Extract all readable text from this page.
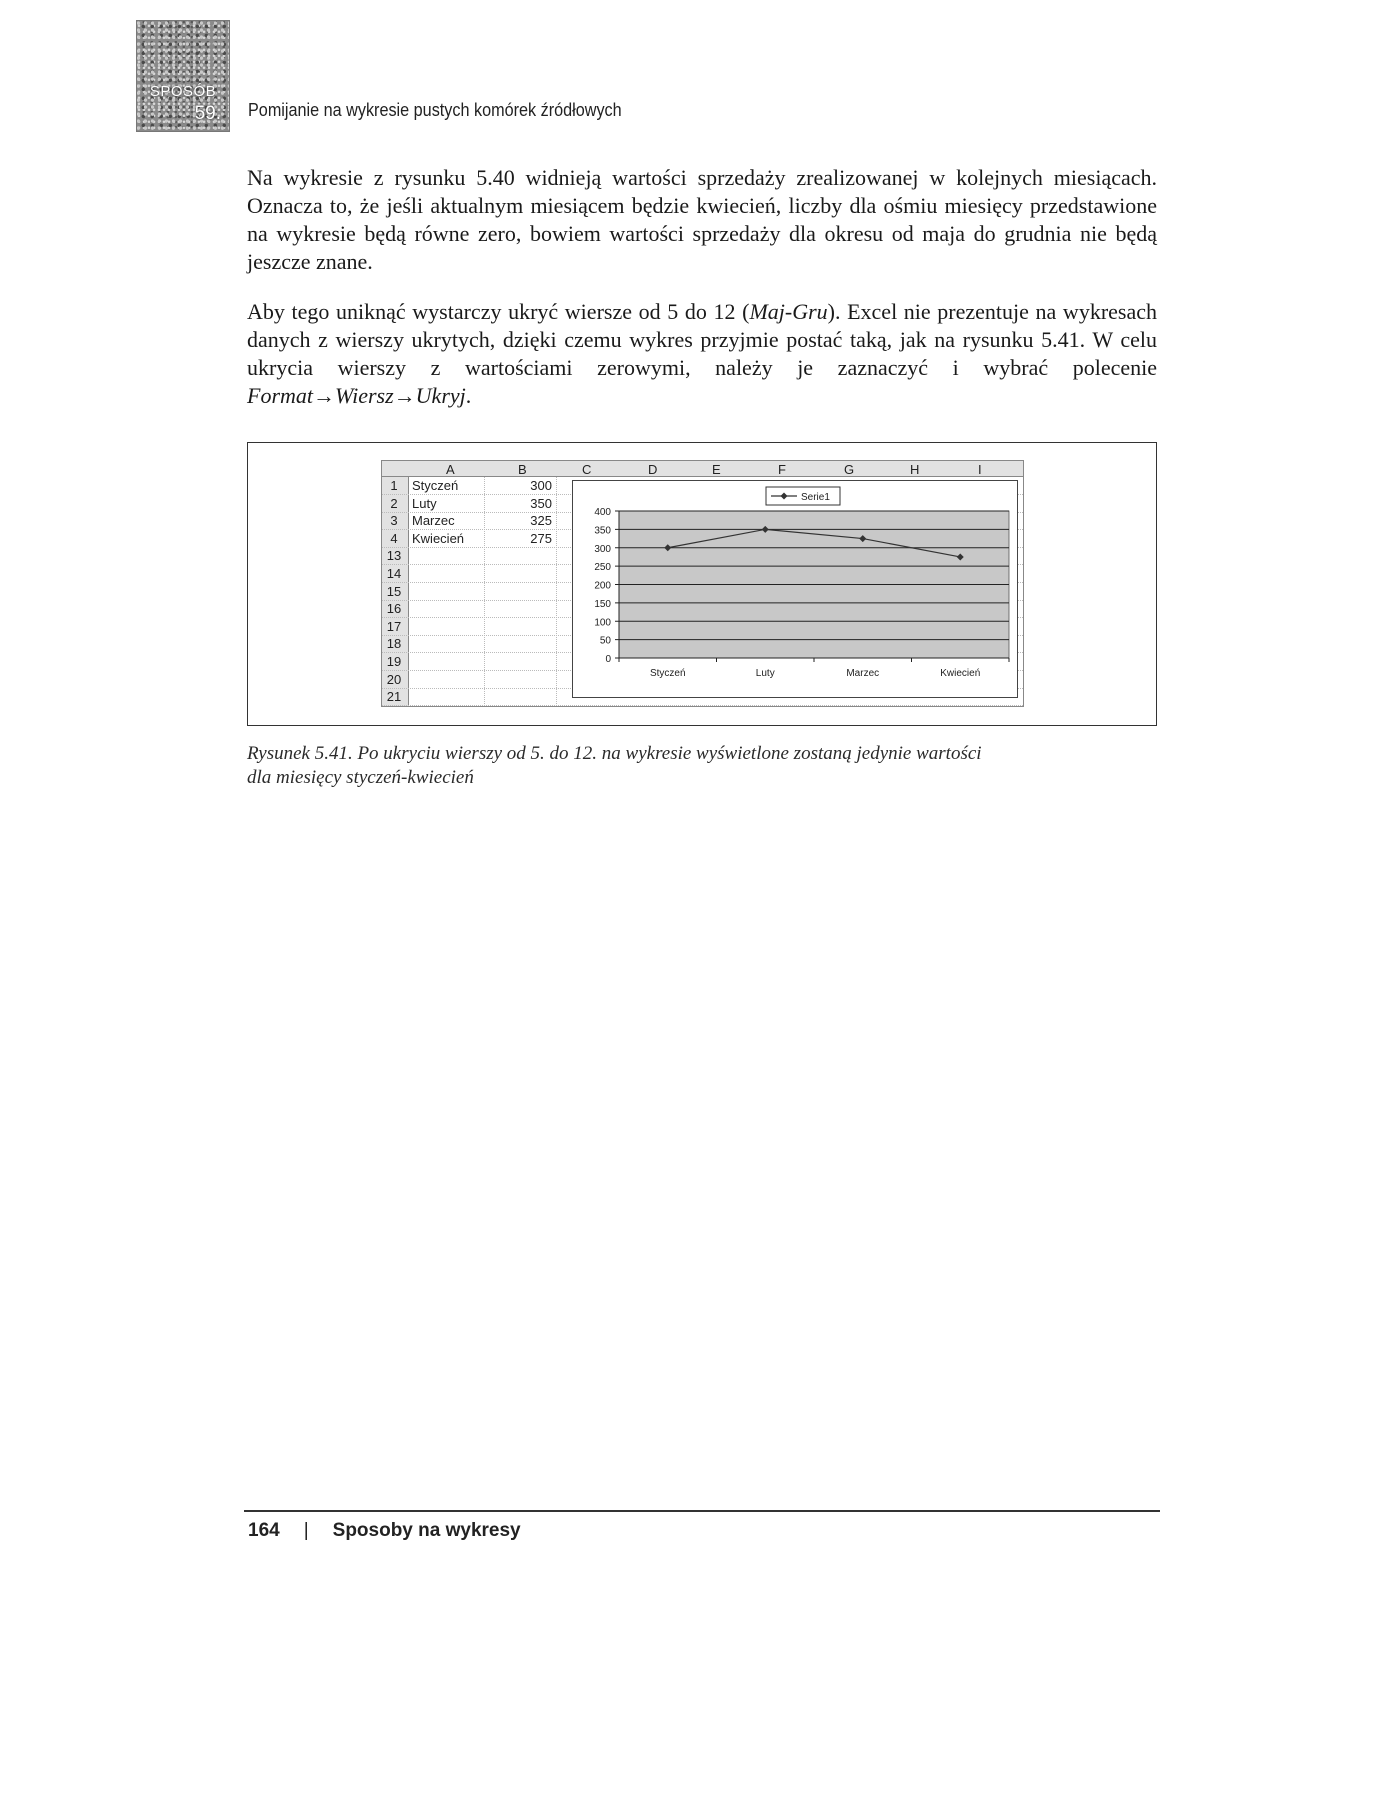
SPOSÓB
59. Pomijanie na wykresie pustych komórek źródłowych

Na wykresie z rysunku 5.40 widnieją wartości sprzedaży zrealizowanej w kolejnych miesiącach. Oznacza to, że jeśli aktualnym miesiącem będzie kwiecień, liczby dla ośmiu miesięcy przedstawione na wykresie będą równe zero, bowiem wartości sprzedaży dla okresu od maja do grudnia nie będą jeszcze znane.

Aby tego uniknąć wystarczy ukryć wiersze od 5 do 12 (Maj-Gru). Excel nie prezentuje na wykresach danych z wierszy ukrytych, dzięki czemu wykres przyjmie postać taką, jak na rysunku 5.41. W celu ukrycia wierszy z wartościami zerowymi, należy je zaznaczyć i wybrać polecenie Format→Wiersz→Ukryj.

A	B	C	D	E	F	G	H	I
1	Styczeń	300
2	Luty	350
3	Marzec	325
4	Kwiecień	275
13
14
15
16
17
18
19
20
21
0
50
100
150
200
250
300
350
400
Styczeń	Luty	Marzec	Kwiecień
Serie1
Rysunek 5.41. Po ukryciu wierszy od 5. do 12. na wykresie wyświetlone zostaną jedynie wartości
dla miesięcy styczeń-kwiecień
164 | Sposoby na wykresy
